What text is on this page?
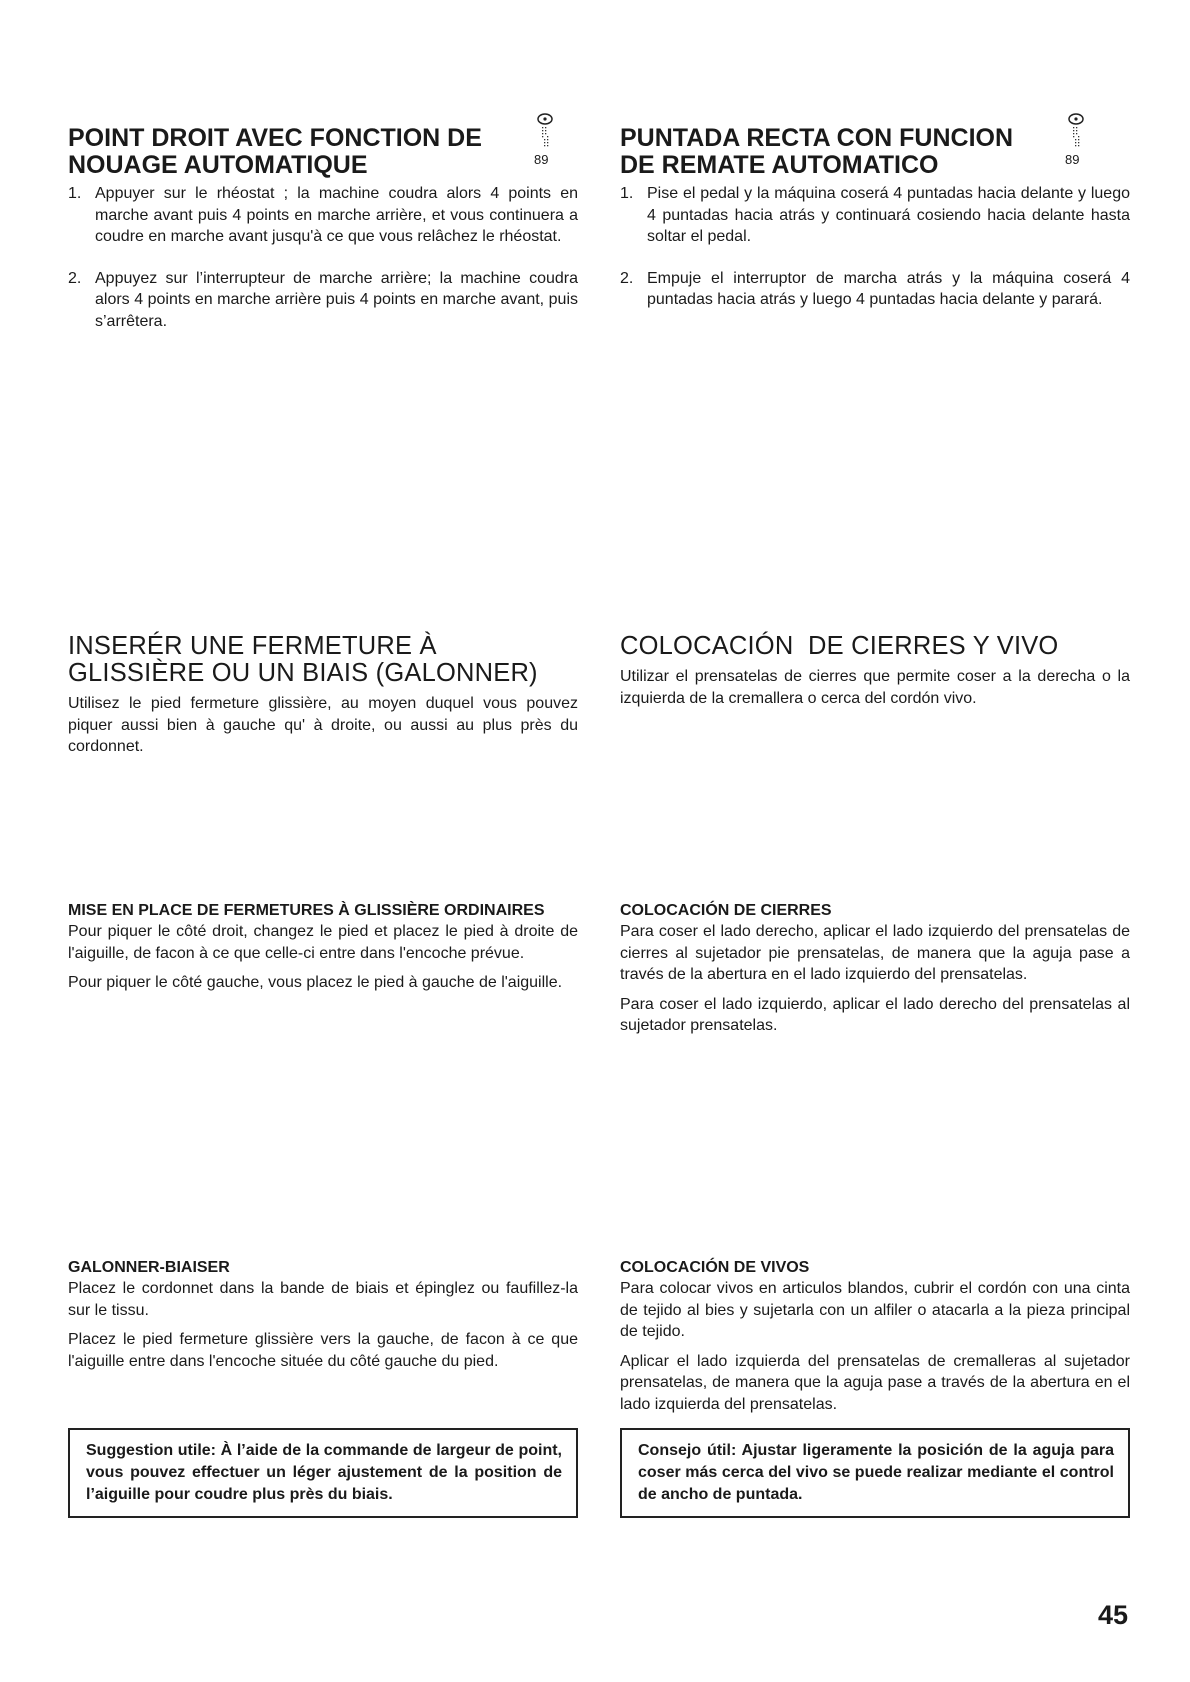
POINT DROIT AVEC FONCTION DE
NOUAGE AUTOMATIQUE
1. Appuyer sur le rhéostat ; la machine coudra alors 4 points en marche avant puis 4 points en marche arrière, et vous continuera a coudre en marche avant jusqu'à ce que vous relâchez le rhéostat.
2. Appuyez sur l’interrupteur de marche arrière; la machine coudra alors 4 points en marche arrière puis 4 points en marche avant, puis s’arrêtera.
89
INSERÉR UNE FERMETURE À
GLISSIÈRE OU UN BIAIS (GALONNER)

Utilisez le pied fermeture glissière, au moyen duquel vous pouvez piquer aussi bien à gauche qu' à droite, ou aussi au plus près du cordonnet.

MISE EN PLACE DE FERMETURES À GLISSIÈRE ORDINAIRES

Pour piquer le côté droit, changez le pied et placez le pied à droite de l'aiguille, de facon à ce que celle-ci entre dans l'encoche prévue.

Pour piquer le côté gauche, vous placez le pied à gauche de l'aiguille.

GALONNER-BIAISER

Placez le cordonnet dans la bande de biais et épinglez ou faufillez-la sur le tissu.

Placez le pied fermeture glissière vers la gauche, de facon à ce que l'aiguille entre dans l'encoche située du côté gauche du pied.

Suggestion utile: À l’aide de la commande de largeur de point, vous pouvez effectuer un léger ajustement de la position de l’aiguille pour coudre plus près du biais.
PUNTADA RECTA CON FUNCION
DE REMATE AUTOMATICO
1. Pise el pedal y la máquina coserá 4 puntadas hacia delante y luego 4 puntadas hacia atrás y continuará cosiendo hacia delante hasta soltar el pedal.
2. Empuje el interruptor de marcha atrás y la máquina coserá 4 puntadas hacia atrás y luego 4 puntadas hacia delante y parará.
89
COLOCACIÓN  DE CIERRES Y VIVO

Utilizar el prensatelas de cierres que permite coser a la derecha o la izquierda de la cremallera o cerca del cordón vivo.

COLOCACIÓN DE CIERRES

Para coser el lado derecho, aplicar el lado izquierdo del prensatelas de cierres al sujetador pie prensatelas, de manera que la aguja pase a través de la abertura en el lado izquierdo del prensatelas.

Para coser el lado izquierdo, aplicar el lado derecho del prensatelas al sujetador prensatelas.

COLOCACIÓN DE VIVOS

Para colocar vivos en articulos blandos, cubrir el cordón con una cinta de tejido al bies y sujetarla con un alfiler o atacarla a la pieza principal de tejido.

Aplicar el lado izquierda del prensatelas de cremalleras al sujetador prensatelas, de manera que la aguja pase a través de la abertura en el lado izquierda del prensatelas.

Consejo útil: Ajustar ligeramente la posición de la aguja para coser más cerca del vivo se puede realizar mediante el control de ancho de puntada.
45
